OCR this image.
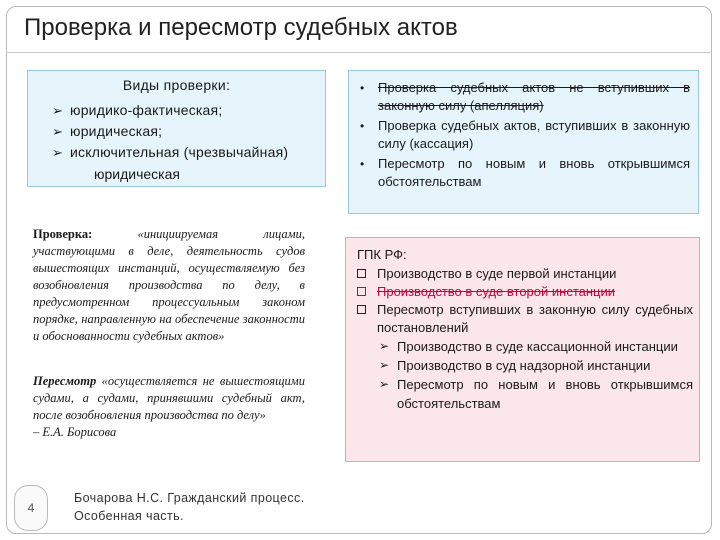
Проверка и пересмотр судебных актов
Виды проверки:
➢ юридико-фактическая;
➢ юридическая;
➢ исключительная (чрезвычайная)
юридическая
• Проверка судебных актов не вступивших в законную силу (апелляция)
• Проверка судебных актов, вступивших в законную силу (кассация)
• Пересмотр по новым и вновь открывшимся обстоятельствам
Проверка:	«инициируемая лицами, участвующими в деле, деятельность судов вышестоящих инстанций, осуществляемую без возобновления производства по делу, в предусмотренном процессуальным законом порядке, направленную на обеспечение законности и обоснованности судебных актов»
Пересмотр «осуществляется не вышестоящими судами, а судами, принявшими судебный акт, после возобновления производства по делу»
– Е.А. Борисова
ГПК РФ:
Производство в суде первой инстанции
Производство в суде второй инстанции
Пересмотр вступивших в законную силу судебных постановлений
➢ Производство в суде кассационной инстанции
➢ Производство в суд надзорной инстанции
➢ Пересмотр по новым и вновь открывшимся обстоятельствам
4
Бочарова Н.С. Гражданский процесс.
Особенная часть.
